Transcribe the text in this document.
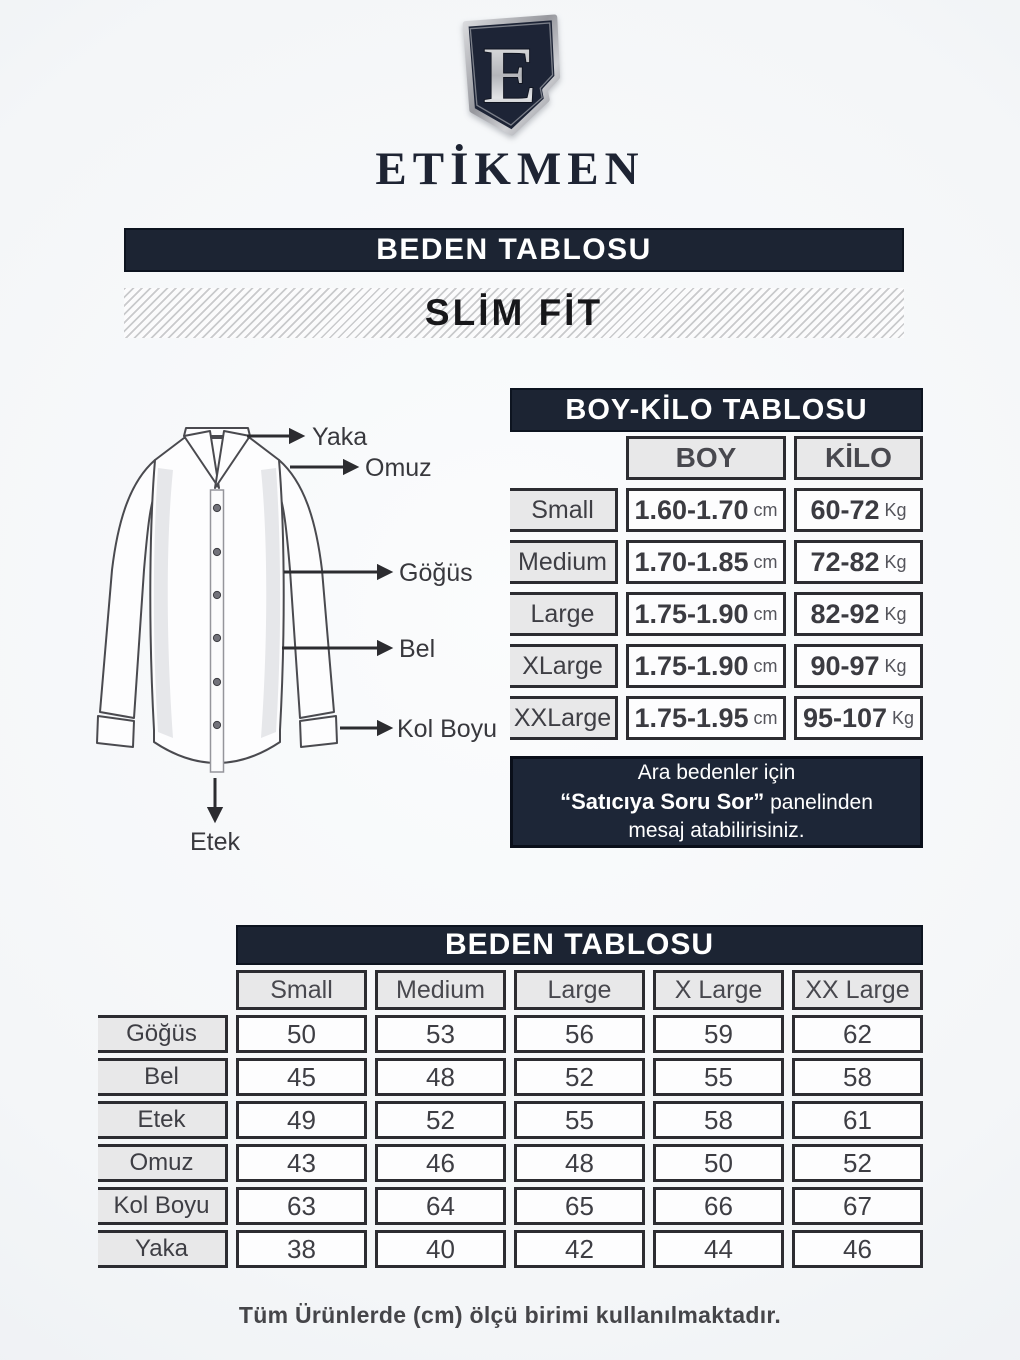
E
ETİKMEN
BEDEN TABLOSU
SLİM FİT
Yaka
Omuz
Göğüs
Bel
Kol Boyu
Etek
BOY-KİLO TABLOSU
BOY	KİLO
Small	1.60-1.70 cm 60-72 Kg
Medium	1.70-1.85 cm 72-82 Kg
Large	1.75-1.90 cm 82-92 Kg
XLarge	1.75-1.90 cm 90-97 Kg
XXLarge 1.75-1.95 cm 95-107 Kg
Ara bedenler için
“Satıcıya Soru Sor” panelinden
mesaj atabilirisiniz.
BEDEN TABLOSU
Small	Medium	Large	X Large	XX Large
Göğüs	50	53	56	59	62
Bel	45	48	52	55	58
Etek	49	52	55	58	61
Omuz	43	46	48	50	52
Kol Boyu	63	64	65	66	67
Yaka	38	40	42	44	46
Tüm Ürünlerde (cm) ölçü birimi kullanılmaktadır.
